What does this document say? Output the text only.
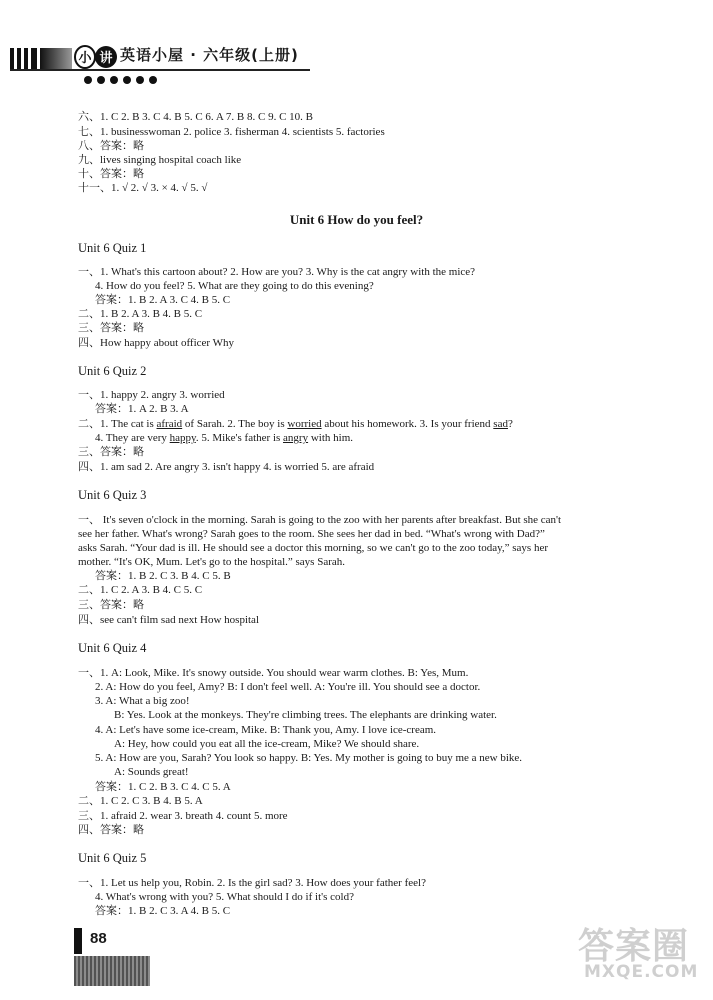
小 讲 英语小屋 · 六年级(上册)
六、1. C 2. B 3. C 4. B 5. C 6. A 7. B 8. C 9. C 10. B
七、1. businesswoman 2. police 3. fisherman 4. scientists 5. factories
八、答案：略
九、lives singing hospital coach like
十、答案：略
十一、1. √ 2. √ 3. × 4. √ 5. √
Unit 6 How do you feel?
Unit 6 Quiz 1
一、1. What's this cartoon about? 2. How are you? 3. Why is the cat angry with the mice?
4. How do you feel? 5. What are they going to do this evening?
答案：1. B 2. A 3. C 4. B 5. C
二、1. B 2. A 3. B 4. B 5. C
三、答案：略
四、How happy about officer Why
Unit 6 Quiz 2
一、1. happy 2. angry 3. worried
答案：1. A 2. B 3. A
二、1. The cat is afraid of Sarah. 2. The boy is worried about his homework. 3. Is your friend sad?
4. They are very happy. 5. Mike's father is angry with him.
三、答案：略
四、1. am sad 2. Are angry 3. isn't happy 4. is worried 5. are afraid
Unit 6 Quiz 3
一、 It's seven o'clock in the morning. Sarah is going to the zoo with her parents after breakfast. But she can't
see her father. What's wrong? Sarah goes to the room. She sees her dad in bed. “What's wrong with Dad?”
asks Sarah. “Your dad is ill. He should see a doctor this morning, so we can't go to the zoo today,” says her
mother. “It's OK, Mum. Let's go to the hospital.” says Sarah.
答案：1. B 2. C 3. B 4. C 5. B
二、1. C 2. A 3. B 4. C 5. C
三、答案：略
四、see can't film sad next How hospital
Unit 6 Quiz 4
一、1. A: Look, Mike. It's snowy outside. You should wear warm clothes. B: Yes, Mum.
2. A: How do you feel, Amy? B: I don't feel well. A: You're ill. You should see a doctor.
3. A: What a big zoo!
B: Yes. Look at the monkeys. They're climbing trees. The elephants are drinking water.
4. A: Let's have some ice-cream, Mike. B: Thank you, Amy. I love ice-cream.
A: Hey, how could you eat all the ice-cream, Mike? We should share.
5. A: How are you, Sarah? You look so happy. B: Yes. My mother is going to buy me a new bike.
A: Sounds great!
答案：1. C 2. B 3. C 4. C 5. A
二、1. C 2. C 3. B 4. B 5. A
三、1. afraid 2. wear 3. breath 4. count 5. more
四、答案：略
Unit 6 Quiz 5
一、1. Let us help you, Robin. 2. Is the girl sad? 3. How does your father feel?
4. What's wrong with you? 5. What should I do if it's cold?
答案：1. B 2. C 3. A 4. B 5. C
88	答案圈
MXQE.COM
